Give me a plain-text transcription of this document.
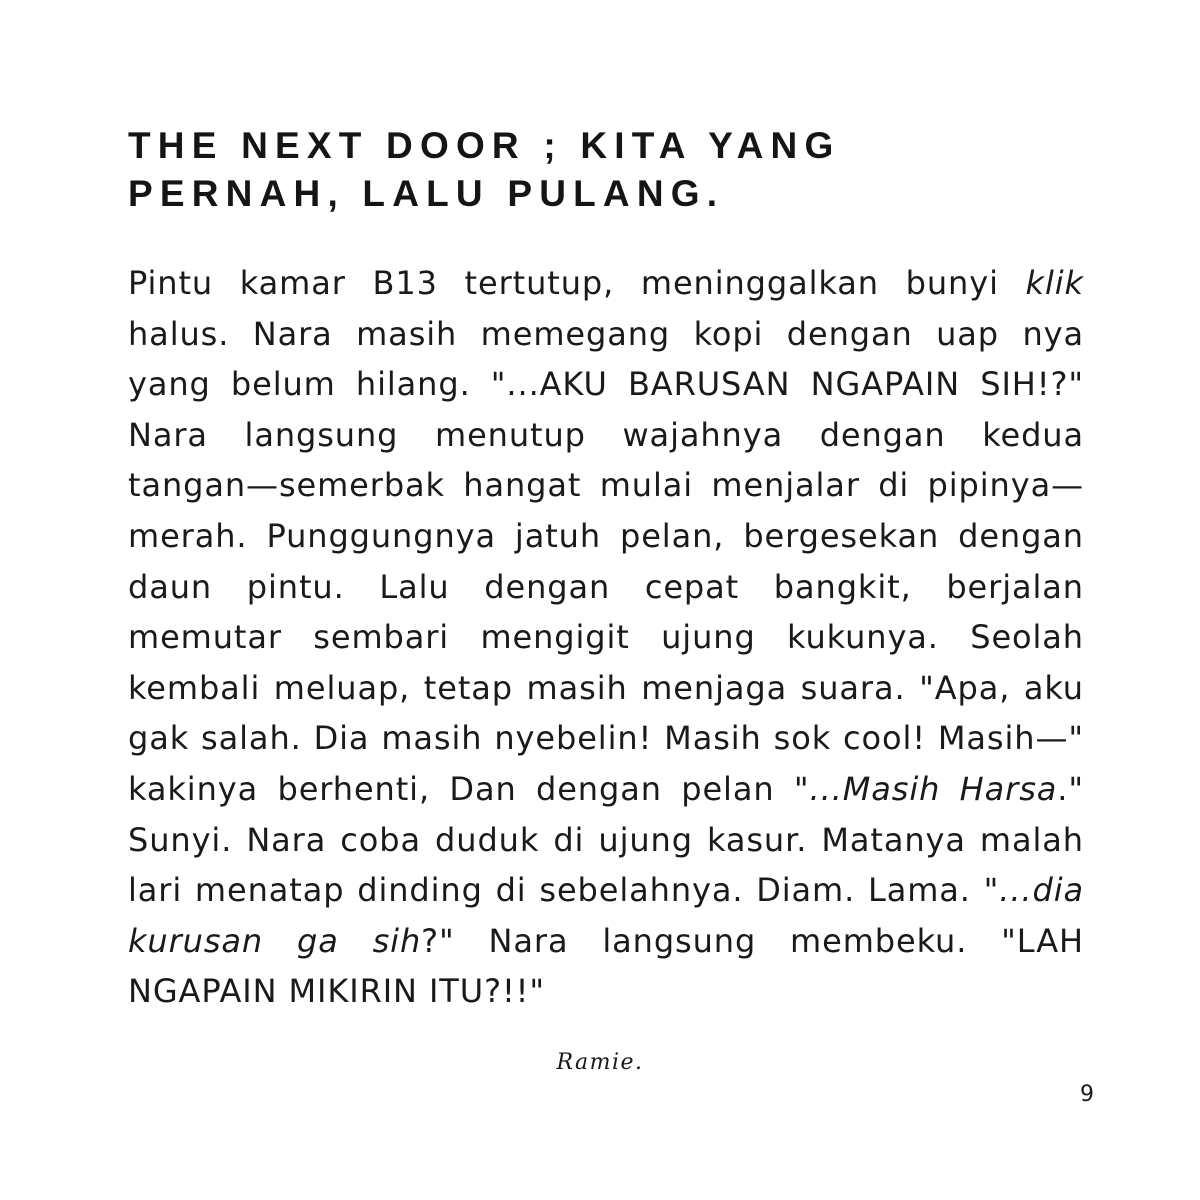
THE NEXT DOOR ; KITA YANG
PERNAH, LALU PULANG.

Pintu kamar B13 tertutup, meninggalkan bunyi klik halus. Nara masih memegang kopi dengan uap nya yang belum hilang. "...AKU BARUSAN NGAPAIN SIH!?" Nara langsung menutup wajahnya dengan kedua tangan—semerbak hangat mulai menjalar di pipinya—merah. Punggungnya jatuh pelan, bergesekan dengan daun pintu. Lalu dengan cepat bangkit, berjalan memutar sembari mengigit ujung kukunya. Seolah kembali meluap, tetap masih menjaga suara. "Apa, aku gak salah. Dia masih nyebelin! Masih sok cool! Masih—" kakinya berhenti, Dan dengan pelan "...Masih Harsa." Sunyi. Nara coba duduk di ujung kasur. Matanya malah lari menatap dinding di sebelahnya. Diam. Lama. "...dia kurusan ga sih?" Nara langsung membeku. "LAH NGAPAIN MIKIRIN ITU?!!"

Ramie.
9
